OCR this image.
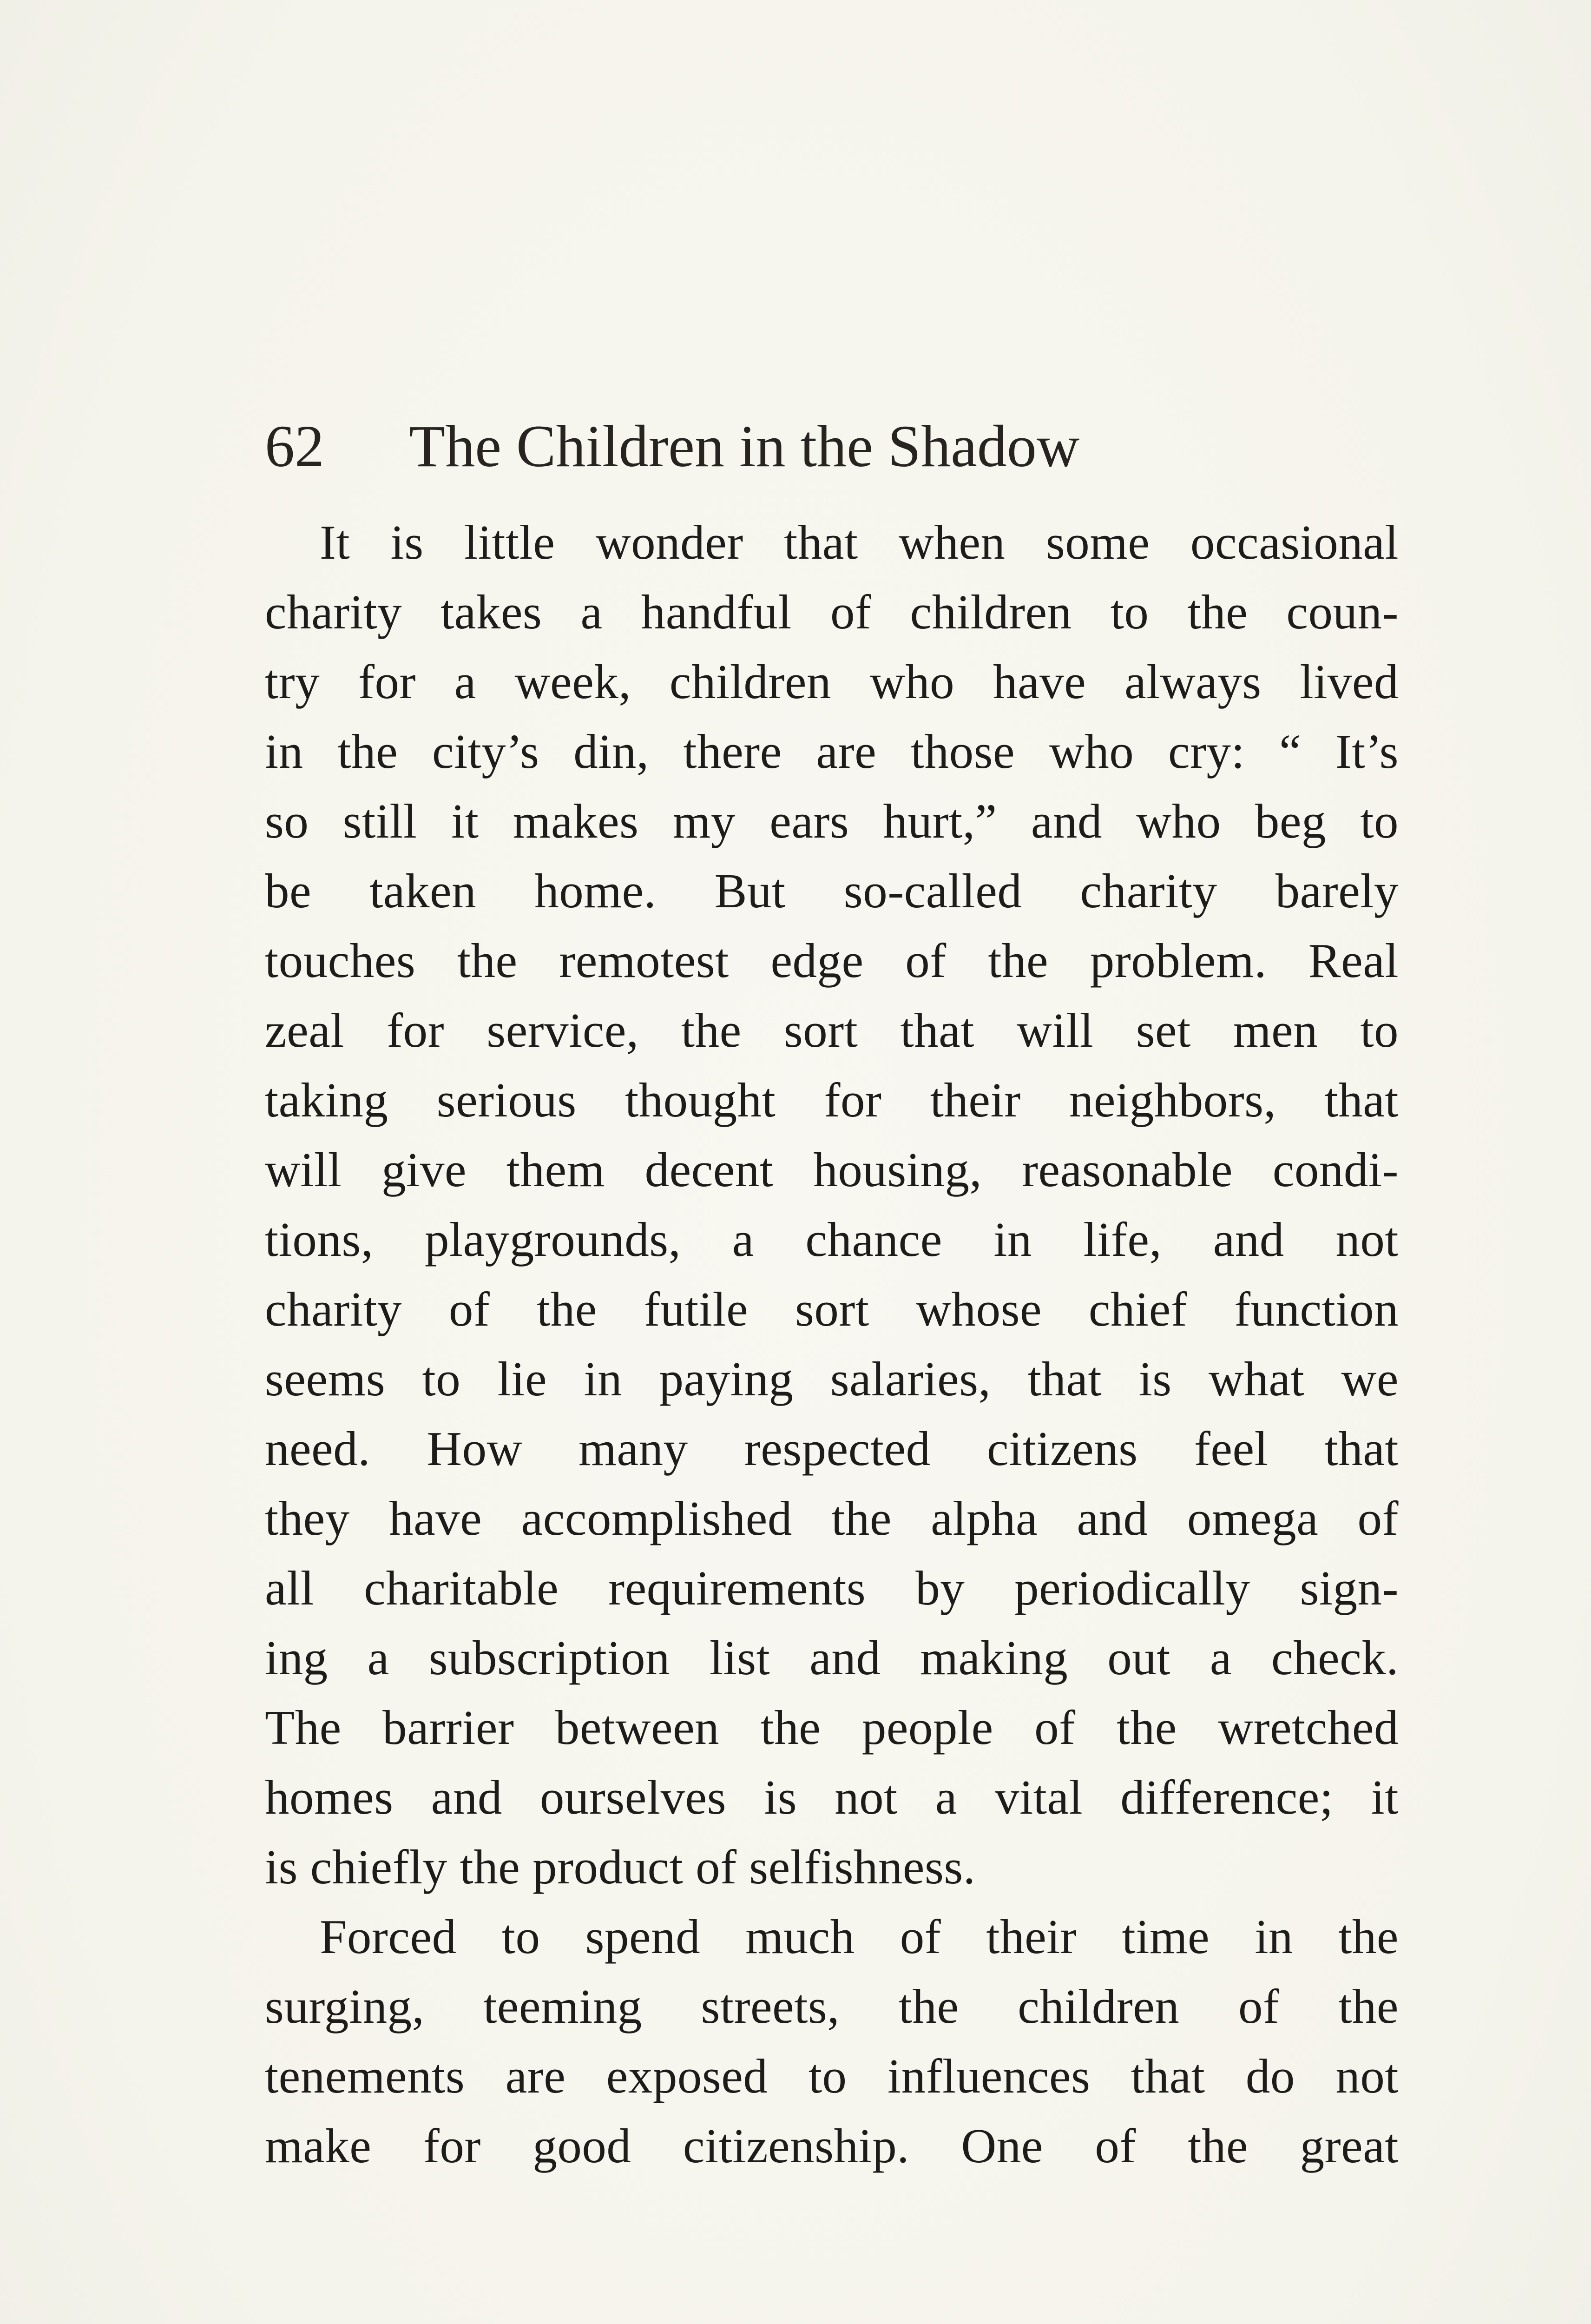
62 The Children in the Shadow

It is little wonder that when some occasional
charity takes a handful of children to the coun-
try for a week, children who have always lived
in the city’s din, there are those who cry: “ It’s
so still it makes my ears hurt,” and who beg to
be taken home. But so-called charity barely
touches the remotest edge of the problem. Real
zeal for service, the sort that will set men to
taking serious thought for their neighbors, that
will give them decent housing, reasonable condi-
tions, playgrounds, a chance in life, and not
charity of the futile sort whose chief function
seems to lie in paying salaries, that is what we
need. How many respected citizens feel that
they have accomplished the alpha and omega of
all charitable requirements by periodically sign-
ing a subscription list and making out a check.
The barrier between the people of the wretched
homes and ourselves is not a vital difference; it
is chiefly the product of selfishness.

Forced to spend much of their time in the
surging, teeming streets, the children of the
tenements are exposed to influences that do not
make for good citizenship. One of the great
